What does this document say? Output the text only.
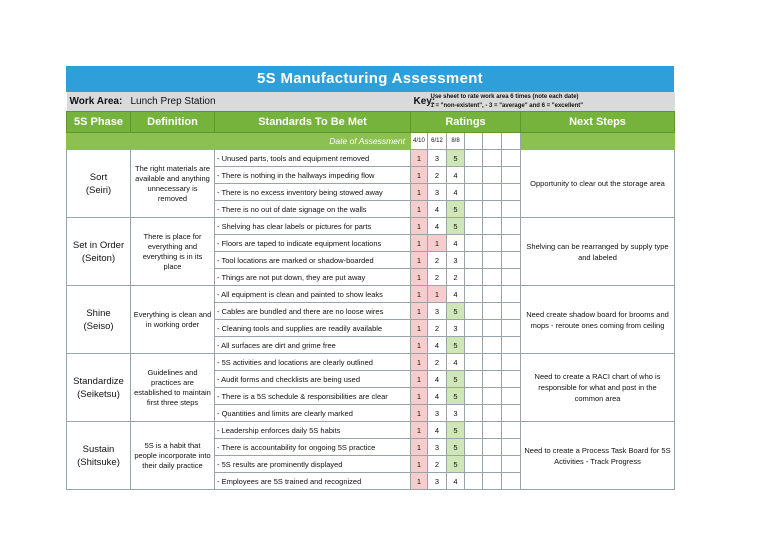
5S Manufacturing Assessment
Work Area:	Lunch Prep Station		Key:				Use sheet to rate work area 6 times (note each date)
1 = "non-existent", - 3 = "average" and 6 = "excellent"		

5S Phase	Definition	Standards To Be Met	Ratings						Next Steps
Date of Assessment			4/10	6/12	8/8				

Sort
(Seiri)	The right materials are available and anything unnecessary is removed	- Unused parts, tools and equipment removed	1	3	5				Opportunity to clear out the storage area
		- There is nothing in the hallways impeding flow	1	2	4				
		- There is no excess inventory being stowed away	1	3	4				
		- There is no out of date signage on the walls	1	4	5				

Set in Order
(Seiton)	There is place for everything and everything is in its place	- Shelving has clear labels or pictures for parts	1	4	5				Shelving can be rearranged by supply type and labeled
		- Floors are taped to indicate equipment locations	1	1	4				
		- Tool locations are marked or shadow-boarded	1	2	3				
		- Things are not put down, they are put away	1	2	2				

Shine
(Seiso)	Everything is clean and in working order	- All equipment is clean and painted to show leaks	1	1	4				Need create shadow board for brooms and mops - reroute ones coming from ceiling
		- Cables are bundled and there are no loose wires	1	3	5				
		- Cleaning tools and supplies are readily available	1	2	3				
		- All surfaces are dirt and grime free	1	4	5				

Standardize
(Seiketsu)	Guidelines and practices are established to maintain first three steps	- 5S activities and locations are clearly outlined	1	2	4				Need to create a RACI chart of who is responsible for what and post in the common area
		- Audit forms and checklists are being used	1	4	5				
		- There is a 5S schedule & responsibilities are clear	1	4	5				
		- Quantities and limits are clearly marked	1	3	3				

Sustain
(Shitsuke)	5S is a habit that people incorporate into their daily practice	- Leadership enforces daily 5S habits	1	4	5				Need to create a Process Task Board for 5S Activities - Track Progress
		- There is accountability for ongoing 5S practice	1	3	5				
		- 5S results are prominently displayed	1	2	5				
		- Employees are 5S trained and recognized	1	3	4				
